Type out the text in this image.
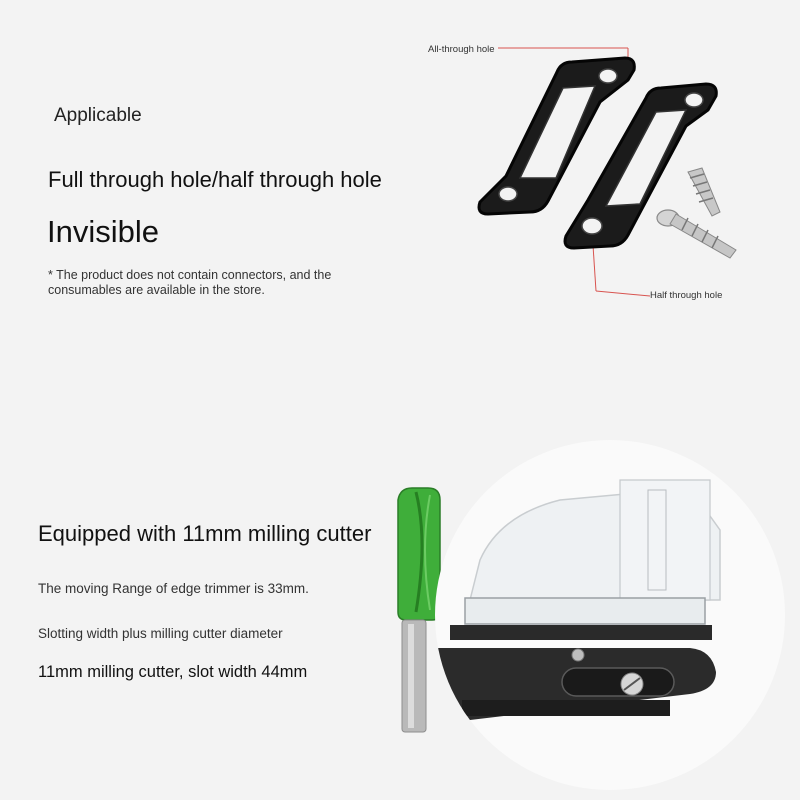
Applicable
Full through hole/half through hole
Invisible
* The product does not contain connectors, and the consumables are available in the store.
All-through hole
Half through hole
Equipped with 11mm milling cutter
The moving Range of edge trimmer is 33mm.
Slotting width plus milling cutter diameter
11mm milling cutter, slot width 44mm
